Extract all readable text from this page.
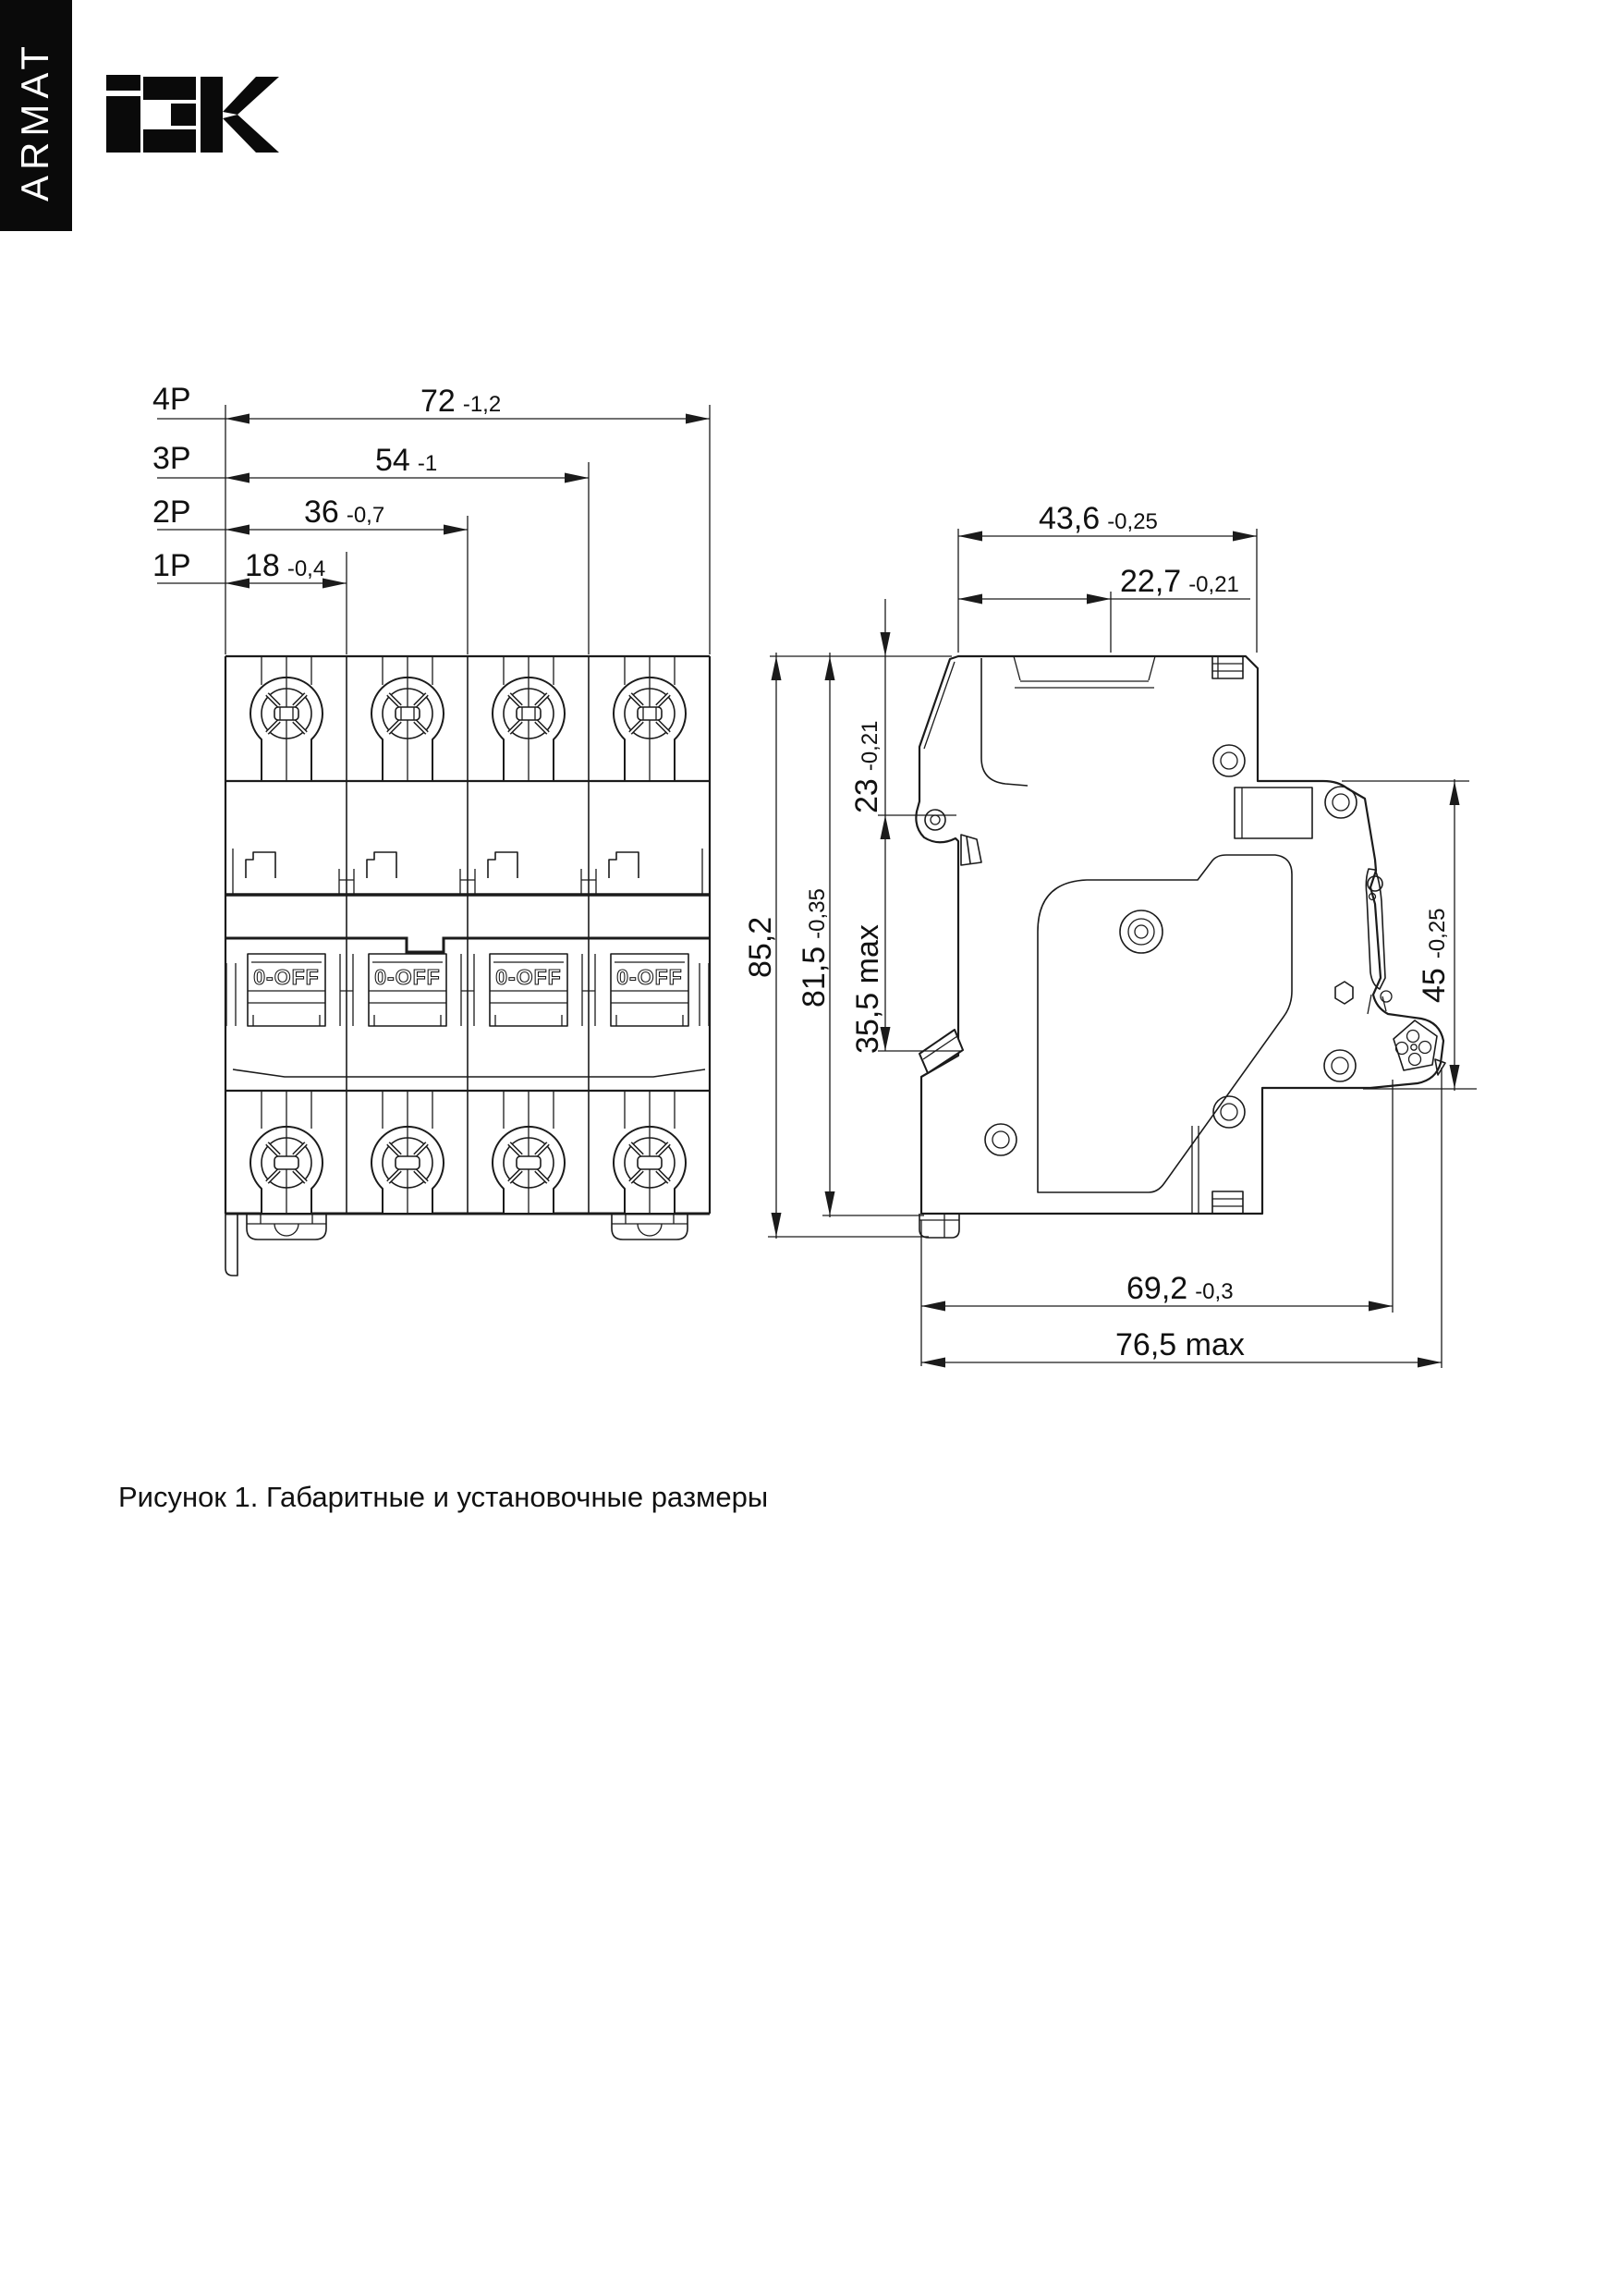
ARMAT
0-OFF	0-OFF	0-OFF	0-OFF
4P
3P
2P
1P
72 -1,2
54 -1
36 -0,7
18 -0,4
43,6 -0,25
22,7 -0,21
23-0,21
35,5 max
85,2 81,5-0,35
45-0,25
69,2 -0,3
76,5 max
Рисунок 1. Габаритные и установочные размеры
